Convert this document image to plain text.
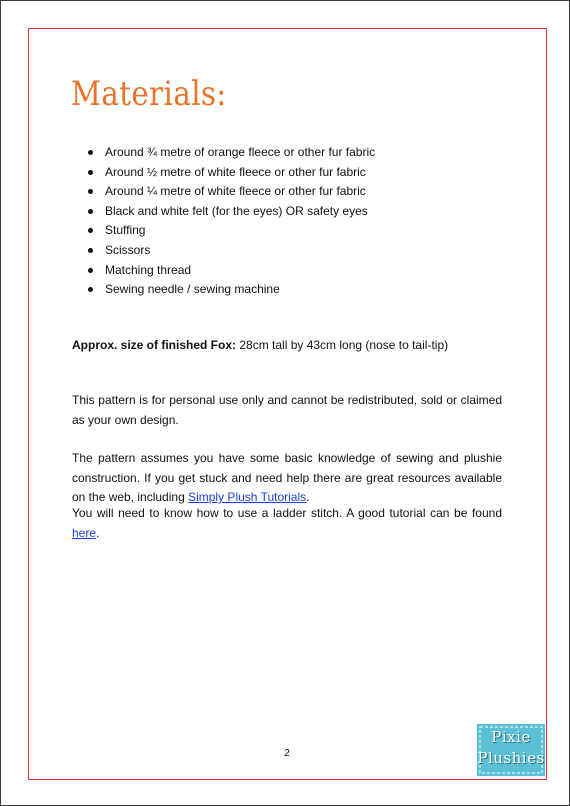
Materials:
Around ¾ metre of orange fleece or other fur fabric
Around ½ metre of white fleece or other fur fabric
Around ¼ metre of white fleece or other fur fabric
Black and white felt (for the eyes) OR safety eyes
Stuffing
Scissors
Matching thread
Sewing needle / sewing machine
Approx. size of finished Fox: 28cm tall by 43cm long (nose to tail-tip)
This pattern is for personal use only and cannot be redistributed, sold or claimed as your own design.
The pattern assumes you have some basic knowledge of sewing and plushie construction. If you get stuck and need help there are great resources available on the web, including Simply Plush Tutorials.
You will need to know how to use a ladder stitch. A good tutorial can be found here.
2
Pixie
Plushies
